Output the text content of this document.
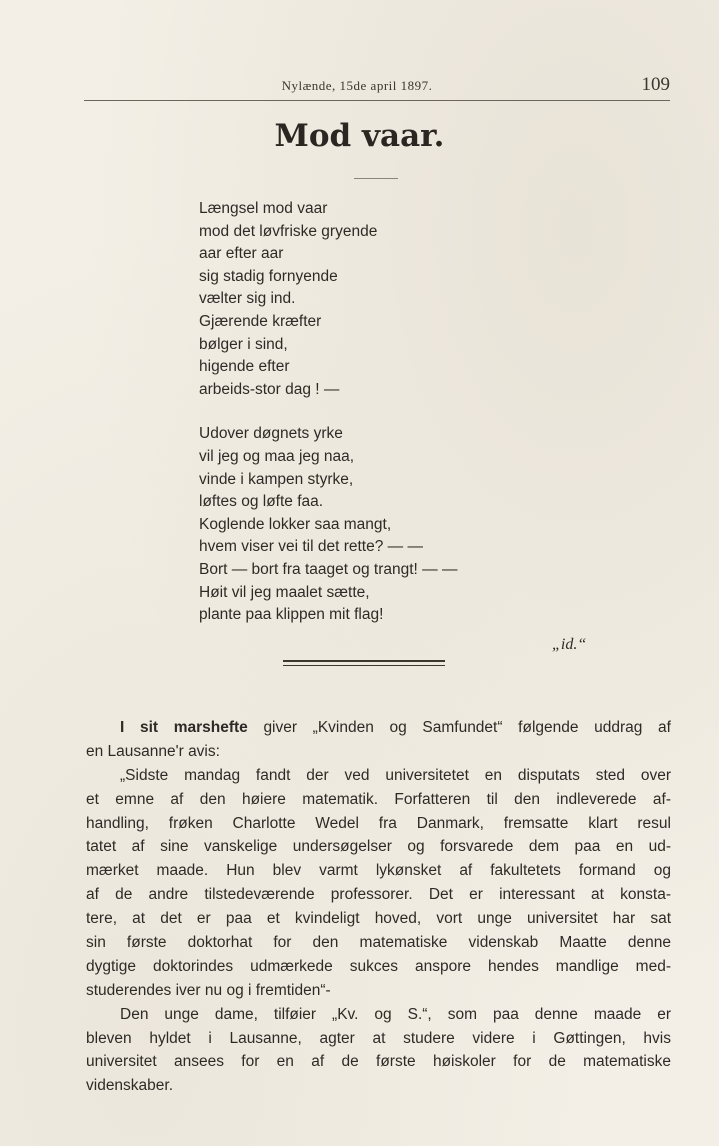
Nylænde, 15de april 1897.	109
Mod vaar.
Længsel mod vaar
mod det løvfriske gryende
aar efter aar
sig stadig fornyende
vælter sig ind.
Gjærende kræfter
bølger i sind,
higende efter
arbeids-stor dag ! —
Udover døgnets yrke
vil jeg og maa jeg naa,
vinde i kampen styrke,
løftes og løfte faa.
Koglende lokker saa mangt,
hvem viser vei til det rette? — —
Bort — bort fra taaget og trangt! — —
Høit vil jeg maalet sætte,
plante paa klippen mit flag!
„id.“
I sit marshefte giver „Kvinden og Samfundet“ følgende uddrag af
en Lausanne'r avis:
„Sidste mandag fandt der ved universitetet en disputats sted over
et emne af den høiere matematik. Forfatteren til den indleverede af-
handling, frøken Charlotte Wedel fra Danmark, fremsatte klart resul
tatet af sine vanskelige undersøgelser og forsvarede dem paa en ud-
mærket maade. Hun blev varmt lykønsket af fakultetets formand og
af de andre tilstedeværende professorer. Det er interessant at konsta-
tere, at det er paa et kvindeligt hoved, vort unge universitet har sat
sin første doktorhat for den matematiske videnskab Maatte denne
dygtige doktorindes udmærkede sukces anspore hendes mandlige med-
studerendes iver nu og i fremtiden“-
Den unge dame, tilføier „Kv. og S.“, som paa denne maade er
bleven hyldet i Lausanne, agter at studere videre i Gøttingen, hvis
universitet ansees for en af de første høiskoler for de matematiske
videnskaber.
